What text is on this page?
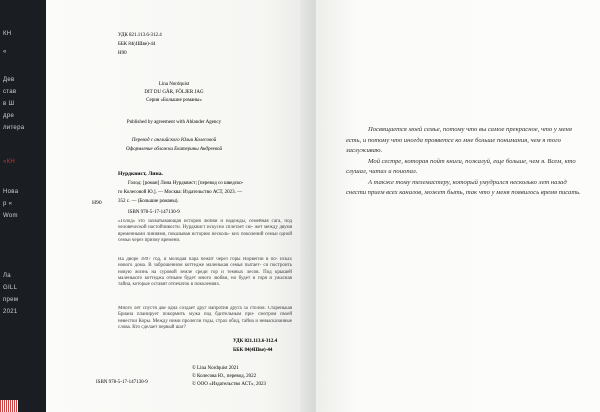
КН
«
Дев
став
в Ш
дре
литера
«КН
Нова
р «
Wom
Ла
GILL
прем
2021
УДК 821.113.6-312.4
ББК 84(4Шве)-44
Н90
Lina Nordquist
DIT DU GÅR, FÖLJER JAG
Серия «Большие романы»
Published by agreement with Ahlander Agency
Перевод с английского Юлии Колесовой
Оформление обложки Екатерины Андреевой
Н90
Нурдквист, Лина.
Голод: [роман] Лина Нурдквист; [перевод со шведско-
го Колесовой Ю.]. — Москва: Издательство АСТ, 2023. —
352 с. — (Большие романы).
ISBN 978-5-17-147130-9
«Голод» это захватывающая история любви и надежды, семейная сага, под человеческой настойчивости. Нурдквист искусно сплетает сю- жет между двумя временными линиями, показывая историю несколь- ких поколений семьи одной семьи через призму времени.
На дворе 1897 год, и молодая пара бежит через горы Норвегии в по- исках нового дома. В заброшенном коттедже маленькая семья пытает- ся построить новую жизнь на суровой земле среди гор и темных лесов. Под крышей маленького коттеджа отныне будет много любви, но будет и горя и ужасная тайна, которые оставят отпечаток в поколениях.
Много лет спустя две одна создает друг напротив друга за столом. Старенькая Бриана планирует покормить мужа под бдительным при- смотром своей невестки Коры. Между ними пролегли годы, страх обид, тайна и невысказанные слова. Кто сделает первый шаг?
УДК 821.113.6-312.4
ББК 84(4Шве)-44
ISBN 978-5-17-147130-9
© Lina Nordquist 2021
© Колесова Ю., перевод, 2022
© ООО «Издательство АСТ», 2023

Посвящается моей семье, потому что вы самое прекрасное, что у меня есть, и потому что иногда прояветсе ко мне больше понимания, чем я того заслуживаю.

Мой сестре, которая пойт книги, пожалуй, еще больше, чем я. Всем, кто слушал, читал и поиопал.

А также тому телемастеру, который умудрился несколько лет назад снести прием всех каналов, может быть, так что у меня появилось время писать.
